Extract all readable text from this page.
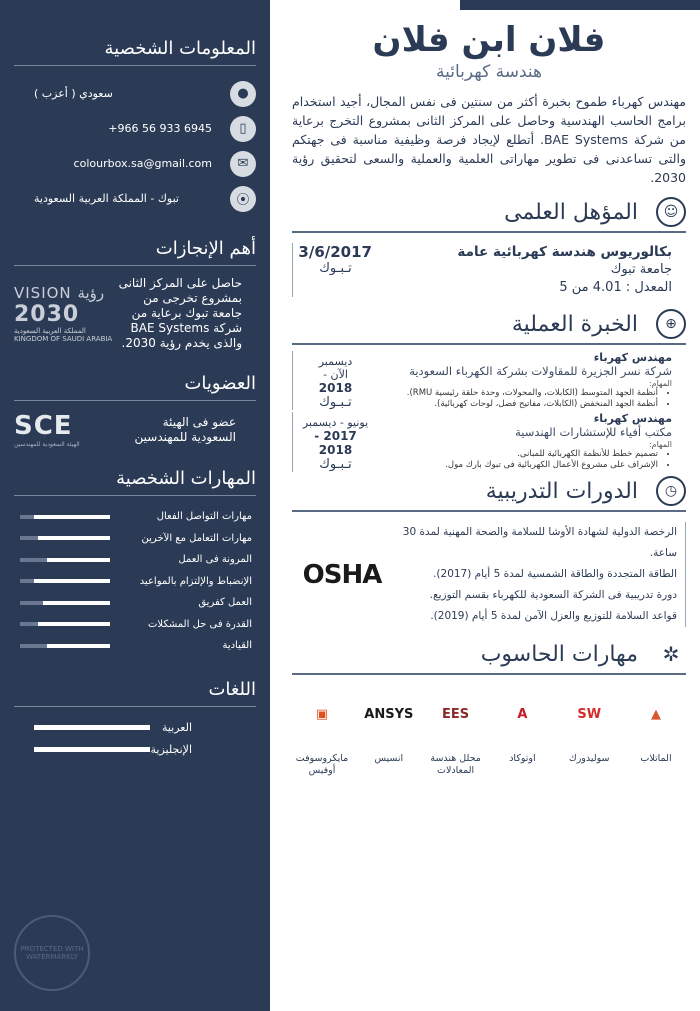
المعلومات الشخصية
●
سعودي ( أعزب )
▯
+966 56 933 6945
✉
colourbox.sa@gmail.com
⦿
تبوك - المملكة العربية السعودية
أهم الإنجازات
حاصل على المركز الثانى بمشروع تخرجى من جامعة تبوك برعاية من شركة BAE Systems والذى يخدم رؤية 2030.
VISION رؤية
2030
المملكة العربية السعودية
KINGDOM OF SAUDI ARABIA
العضويات
عضو فى الهيئة السعودية للمهندسين
SCE
الهيئة السعودية للمهندسين
المهارات الشخصية
مهارات التواصل الفعال
مهارات التعامل مع الآخرين
المرونة فى العمل
الإنضباط والإلتزام بالمواعيد
العمل كفريق
القدرة فى حل المشكلات
القيادية
اللغات
العربية
الإنجليزية
PROTECTED WITH WATERMARKLY
فلان ابن فلان
هندسة كهربائية
مهندس كهرباء طموح بخبرة أكثر من سنتين فى نفس المجال، أجيد استخدام برامج الحاسب الهندسية وحاصل على المركز الثانى بمشروع التخرج برعاية من شركة BAE Systems. أتطلع لإيجاد فرصة وظيفية مناسبة فى جهتكم والتى تساعدنى فى تطوير مهاراتى العلمية والعملية والسعى لتحقيق رؤية 2030.
☺
المؤهل العلمى
بكالوريوس هندسة كهربائية عامة
جامعة تبوك
المعدل : 4.01 من 5
3/6/2017
تـبـوك
⊕
الخبرة العملية
مهندس كهرباء
شركة نسر الجزيرة للمقاولات بشركة الكهرباء السعودية
المهام:
• أنظمة الجهد المتوسط (الكابلات، والمحولات، وحدة حلقة رئيسية RMU).
• أنظمة الجهد المنخفض (الكابلات، مفاتيح فصل، لوحات كهربائية).
ديسمبر
الآن -
2018
تـبـوك
مهندس كهرباء
مكتب أفياء للإستشارات الهندسية
المهام:
• تصميم خطط للأنظمة الكهربائية للمبانى.
• الإشراف على مشروع الأعمال الكهربائية فى تبوك بارك مول.
يونيو - ديسمبر
2017 - 2018
تـبـوك
◷
الدورات التدريبية
الرخصة الدولية لشهادة الأوشا للسلامة والصحة المهنية لمدة 30 ساعة.
الطاقة المتجددة والطاقة الشمسية لمدة 5 أيام (2017).
دورة تدريبية فى الشركة السعودية للكهرباء بقسم التوزيع.
قواعد السلامة للتوزيع والعزل الآمن لمدة 5 أيام (2019).
OSHA
✲
مهارات الحاسوب
▲
الماتلاب
SW
سوليدورك
A
اوتوكاد
EES
محلل هندسة المعادلات
ANSYS
انسيس
▣
مايكروسوفت أوفيس
